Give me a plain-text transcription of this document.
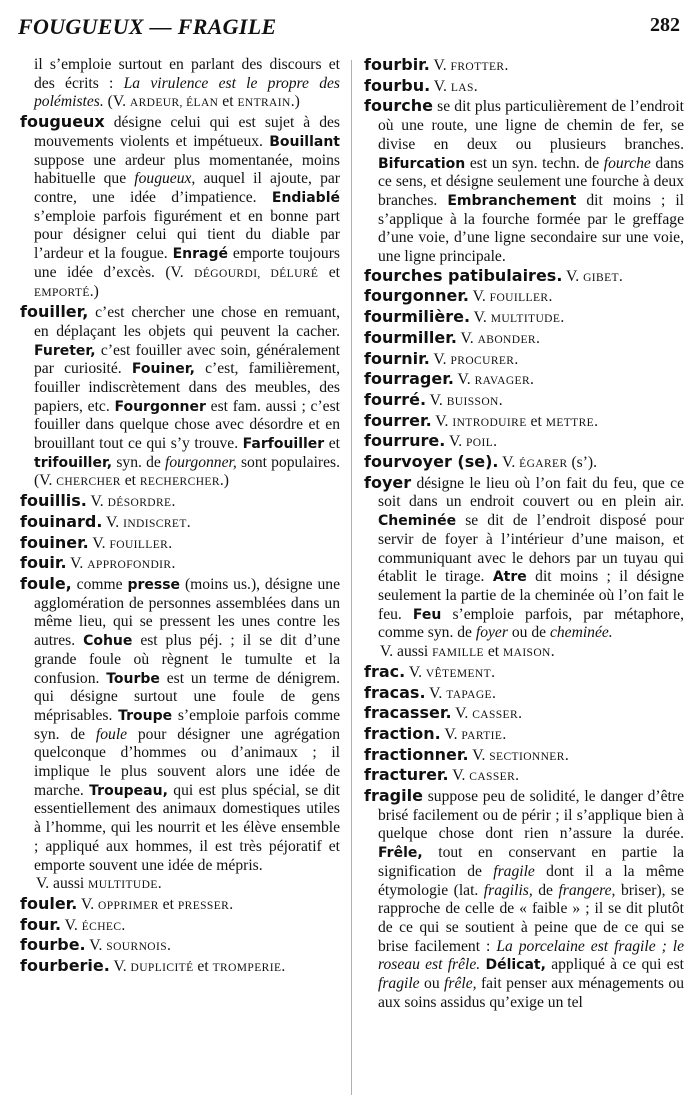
FOUGUEUX — FRAGILE	282

il s’emploie surtout en parlant des discours et des écrits : La virulence est le propre des polémistes. (V. ARDEUR, ÉLAN et ENTRAIN.)

fougueux désigne celui qui est sujet à des mouvements violents et impétueux. Bouillant suppose une ardeur plus momentanée, moins habituelle que fougueux, auquel il ajoute, par contre, une idée d’impatience. Endiablé s’emploie parfois figurément et en bonne part pour désigner celui qui tient du diable par l’ardeur et la fougue. Enragé emporte toujours une idée d’excès. (V. DÉGOURDI, DÉLURÉ et EMPORTÉ.)

fouiller, c’est chercher une chose en remuant, en déplaçant les objets qui peuvent la cacher. Fureter, c’est fouiller avec soin, généralement par curiosité. Fouiner, c’est, familièrement, fouiller indiscrètement dans des meubles, des papiers, etc. Fourgonner est fam. aussi ; c’est fouiller dans quelque chose avec désordre et en brouillant tout ce qui s’y trouve. Farfouiller et trifouiller, syn. de fourgonner, sont populaires. (V. CHERCHER et RECHERCHER.)

fouillis. V. DÉSORDRE.

fouinard. V. INDISCRET.

fouiner. V. FOUILLER.

fouir. V. APPROFONDIR.

foule, comme presse (moins us.), désigne une agglomération de personnes assemblées dans un même lieu, qui se pressent les unes contre les autres. Cohue est plus péj. ; il se dit d’une grande foule où règnent le tumulte et la confusion. Tourbe est un terme de dénigrem. qui désigne surtout une foule de gens méprisables. Troupe s’emploie parfois comme syn. de foule pour désigner une agrégation quelconque d’hommes ou d’animaux ; il implique le plus souvent alors une idée de marche. Troupeau, qui est plus spécial, se dit essentiellement des animaux domestiques utiles à l’homme, qui les nourrit et les élève ensemble ; appliqué aux hommes, il est très péjoratif et emporte souvent une idée de mépris.

V. aussi MULTITUDE.

fouler. V. OPPRIMER et PRESSER.

four. V. ÉCHEC.

fourbe. V. SOURNOIS.

fourberie. V. DUPLICITÉ et TROMPERIE.

fourbir. V. FROTTER.

fourbu. V. LAS.

fourche se dit plus particulièrement de l’endroit où une route, une ligne de chemin de fer, se divise en deux ou plusieurs branches. Bifurcation est un syn. techn. de fourche dans ce sens, et désigne seulement une fourche à deux branches. Embranchement dit moins ; il s’applique à la fourche formée par le greffage d’une voie, d’une ligne secondaire sur une voie, une ligne principale.

fourches patibulaires. V. GIBET.

fourgonner. V. FOUILLER.

fourmilière. V. MULTITUDE.

fourmiller. V. ABONDER.

fournir. V. PROCURER.

fourrager. V. RAVAGER.

fourré. V. BUISSON.

fourrer. V. INTRODUIRE et METTRE.

fourrure. V. POIL.

fourvoyer (se). V. ÉGARER (s’).

foyer désigne le lieu où l’on fait du feu, que ce soit dans un endroit couvert ou en plein air. Cheminée se dit de l’endroit disposé pour servir de foyer à l’intérieur d’une maison, et communiquant avec le dehors par un tuyau qui établit le tirage. Atre dit moins ; il désigne seulement la partie de la cheminée où l’on fait le feu. Feu s’emploie parfois, par métaphore, comme syn. de foyer ou de cheminée.

V. aussi FAMILLE et MAISON.

frac. V. VÊTEMENT.

fracas. V. TAPAGE.

fracasser. V. CASSER.

fraction. V. PARTIE.

fractionner. V. SECTIONNER.

fracturer. V. CASSER.

fragile suppose peu de solidité, le danger d’être brisé facilement ou de périr ; il s’applique bien à quelque chose dont rien n’assure la durée. Frêle, tout en conservant en partie la signification de fragile dont il a la même étymologie (lat. fragilis, de frangere, briser), se rapproche de celle de « faible » ; il se dit plutôt de ce qui se soutient à peine que de ce qui se brise facilement : La porcelaine est fragile ; le roseau est frêle. Délicat, appliqué à ce qui est fragile ou frêle, fait penser aux ménagements ou aux soins assidus qu’exige un tel
